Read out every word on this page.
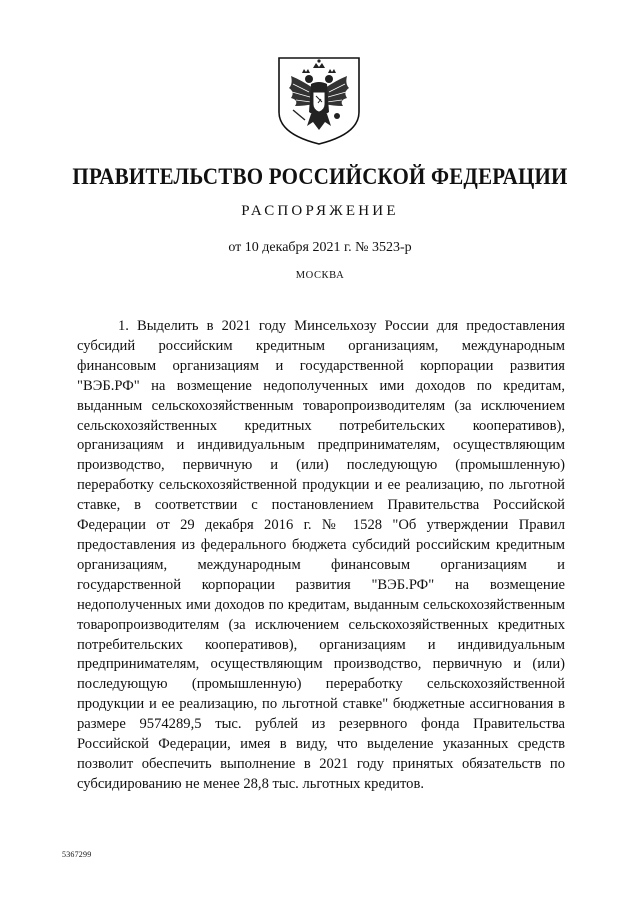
ПРАВИТЕЛЬСТВО РОССИЙСКОЙ ФЕДЕРАЦИИ
РАСПОРЯЖЕНИЕ
от 10 декабря 2021 г. № 3523-р
МОСКВА

1. Выделить в 2021 году Минсельхозу России для предоставления субсидий российским кредитным организациям, международным финансовым организациям и государственной корпорации развития "ВЭБ.РФ" на возмещение недополученных ими доходов по кредитам, выданным сельскохозяйственным товаропроизводителям (за исключением сельскохозяйственных кредитных потребительских кооперативов), организациям и индивидуальным предпринимателям, осуществляющим производство, первичную и (или) последующую (промышленную) переработку сельскохозяйственной продукции и ее реализацию, по льготной ставке, в соответствии с постановлением Правительства Российской Федерации от 29 декабря 2016 г. № 1528 "Об утверждении Правил предоставления из федерального бюджета субсидий российским кредитным организациям, международным финансовым организациям и государственной корпорации развития "ВЭБ.РФ" на возмещение недополученных ими доходов по кредитам, выданным сельскохозяйственным товаропроизводителям (за исключением сельскохозяйственных кредитных потребительских кооперативов), организациям и индивидуальным предпринимателям, осуществляющим производство, первичную и (или) последующую (промышленную) переработку сельскохозяйственной продукции и ее реализацию, по льготной ставке" бюджетные ассигнования в размере 9574289,5 тыс. рублей из резервного фонда Правительства Российской Федерации, имея в виду, что выделение указанных средств позволит обеспечить выполнение в 2021 году принятых обязательств по субсидированию не менее 28,8 тыс. льготных кредитов.

5367299
